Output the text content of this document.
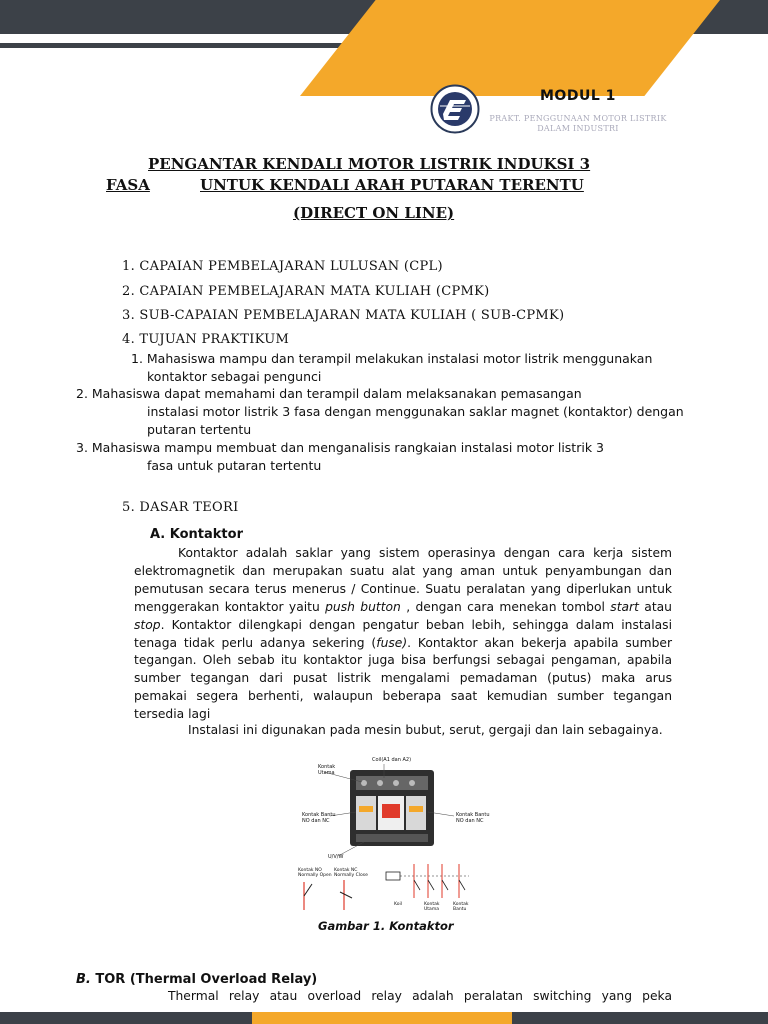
MODUL 1
PRAKT. PENGGUNAAN MOTOR LISTRIK
DALAM INDUSTRI
PENGANTAR KENDALI MOTOR LISTRIK INDUKSI 3
FASA	UNTUK KENDALI ARAH PUTARAN TERENTU
(DIRECT ON LINE)
1. CAPAIAN PEMBELAJARAN LULUSAN (CPL)
2. CAPAIAN PEMBELAJARAN MATA KULIAH (CPMK)
3. SUB-CAPAIAN PEMBELAJARAN MATA KULIAH ( SUB-CPMK)
4. TUJUAN PRAKTIKUM
1. Mahasiswa mampu dan terampil melakukan instalasi motor listrik menggunakan
kontaktor sebagai pengunci
2. Mahasiswa dapat memahami dan terampil dalam melaksanakan pemasangan
instalasi motor listrik 3 fasa dengan menggunakan saklar magnet (kontaktor) dengan
putaran tertentu
3. Mahasiswa mampu membuat dan menganalisis rangkaian instalasi motor listrik 3
fasa untuk putaran tertentu
5. DASAR TEORI
A. Kontaktor
Kontaktor adalah saklar yang sistem operasinya dengan cara kerja sistem elektromagnetik dan merupakan suatu alat yang aman untuk penyambungan dan pemutusan secara terus menerus / Continue. Suatu peralatan yang diperlukan untuk menggerakan kontaktor yaitu push button , dengan cara menekan tombol start atau stop. Kontaktor dilengkapi dengan pengatur beban lebih, sehingga dalam instalasi tenaga tidak perlu adanya sekering (fuse). Kontaktor akan bekerja apabila sumber tegangan. Oleh sebab itu kontaktor juga bisa berfungsi sebagai pengaman, apabila sumber tegangan dari pusat listrik mengalami pemadaman (putus) maka arus pemakai segera berhenti, walaupun beberapa saat kemudian sumber tegangan tersedia lagi
Instalasi ini digunakan pada mesin bubut, serut, gergaji dan lain sebagainya.
Coil(A1 dan A2)
Kontak
Utama
Kontak Bantu
NO dan NC
Kontak Bantu
NO dan NC
U/V/W
Kontak NO
Normally Open
Kontak NC
Normally Close
Koil	Kontak
Utama
Kontak
Bantu
Gambar 1. Kontaktor
B. TOR (Thermal Overload Relay)
Thermal relay atau overload relay adalah peralatan switching yang peka
